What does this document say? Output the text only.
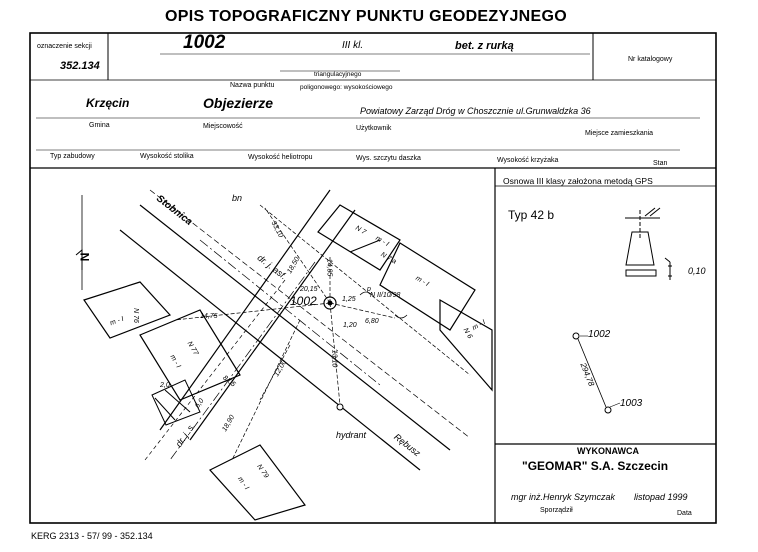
OPIS TOPOGRAFICZNY PUNKTU GEODEZYJNEGO
oznaczenie sekcji
352.134
1002	III kl.	bet. z rurką
Nr katalogowy
triangulacyjnego
Nazwa punktu	poligonowego: wysokościowego
Krzęcin	Objezierze	Powiatowy Zarząd Dróg w Choszcznie ul.Grunwaldzka 36
Gmina	Miejscowość	Użytkownik
Miejsce zamieszkania
Typ zabudowy	Wysokość stolika	Wysokość heliotropu	Wys. szczytu daszka	Wysokość krzyżaka	Stan
N
Stobnica	bn
dr. j. asf.
dr. j. s.	Rębusz
hydrant
33,10
18,50	14,85
20,15
14,75
13,10
12,00
18,90
8,05
6,80
1,25
1,20
6,0
2,0
1002	N II/10/98
p
N 76
m - I
N 77
m - I
N 79
m - I
N 6
m - I
N 7
m - I
N 7 a
m - I
Osnowa III klasy założona metodą GPS
Typ 42 b
0,10
1002
1003
294,78
WYKONAWCA
"GEOMAR" S.A. Szczecin
mgr inż.Henryk Szymczak listopad 1999
Sporządził	Data
KERG 2313 - 57/ 99 - 352.134
